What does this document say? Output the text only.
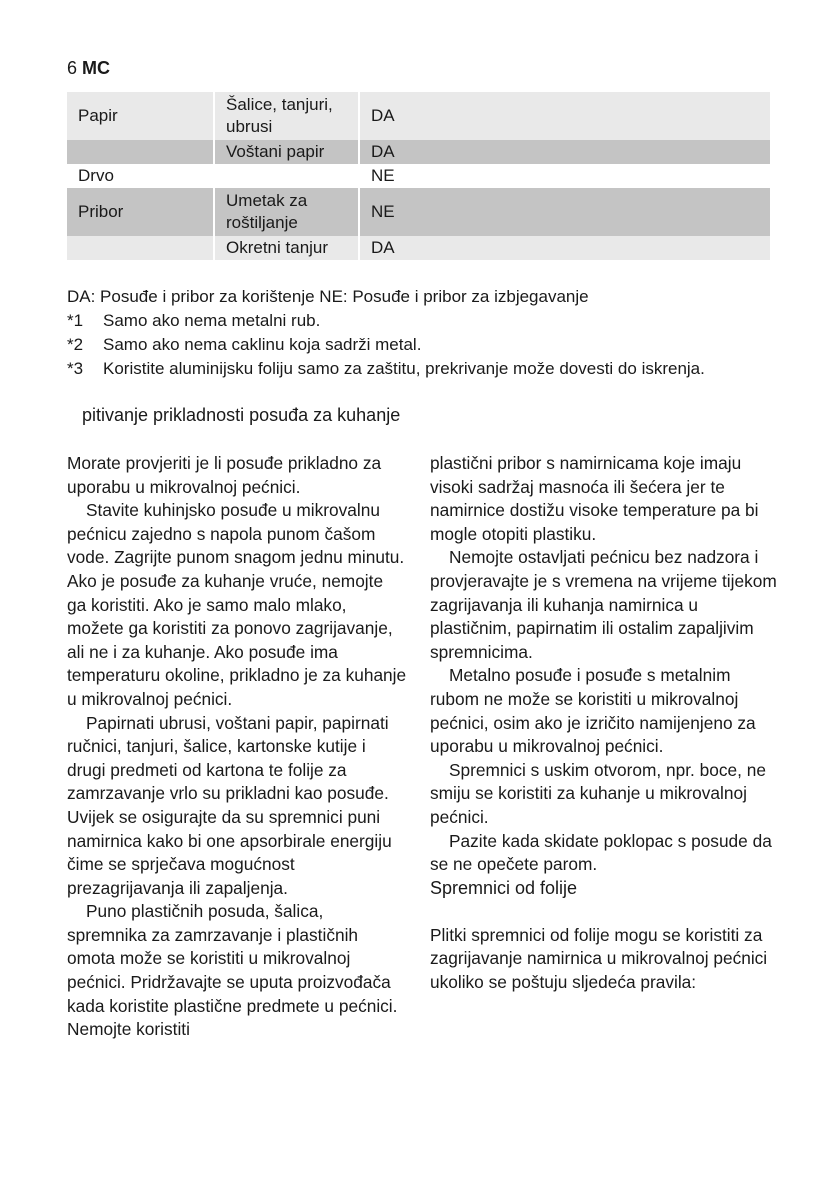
6 MC
Papir	Šalice, tanjuri, ubrusi	DA
	Voštani papir	DA
Drvo		NE
Pribor	Umetak za roštiljanje	NE
	Okretni tanjur	DA
DA: Posuđe i pribor za korištenje NE: Posuđe i pribor za izbjegavanje
*1	Samo ako nema metalni rub.
*2	Samo ako nema caklinu koja sadrži metal.
*3	Koristite aluminijsku foliju samo za zaštitu, prekrivanje može dovesti do iskrenja.
pitivanje prikladnosti posuđa za kuhanje

Morate provjeriti je li posuđe prikladno za uporabu u mikrovalnoj pećnici.

Stavite kuhinjsko posuđe u mikrovalnu pećnicu zajedno s napola punom čašom vode. Zagrijte punom snagom jednu minutu. Ako je posuđe za kuhanje vruće, nemojte ga koristiti. Ako je samo malo mlako, možete ga koristiti za ponovo zagrijavanje, ali ne i za kuhanje. Ako posuđe ima temperaturu okoline, prikladno je za kuhanje u mikrovalnoj pećnici.

Papirnati ubrusi, voštani papir, papirnati ručnici, tanjuri, šalice, kartonske kutije i drugi predmeti od kartona te folije za zamrzavanje vrlo su prikladni kao posuđe. Uvijek se osigurajte da su spremnici puni namirnica kako bi one apsorbirale energiju čime se sprječava mogućnost prezagrijavanja ili zapaljenja.

Puno plastičnih posuda, šalica, spremnika za zamrzavanje i plastičnih omota može se koristiti u mikrovalnoj pećnici. Pridržavajte se uputa proizvođača kada koristite plastične predmete u pećnici. Nemojte koristiti

plastični pribor s namirnicama koje imaju visoki sadržaj masnoća ili šećera jer te namirnice dostižu visoke temperature pa bi mogle otopiti plastiku.

Nemojte ostavljati pećnicu bez nadzora i provjeravajte je s vremena na vrijeme tijekom zagrijavanja ili kuhanja namirnica u plastičnim, papirnatim ili ostalim zapaljivim spremnicima.

Metalno posuđe i posuđe s metalnim rubom ne može se koristiti u mikrovalnoj pećnici, osim ako je izričito namijenjeno za uporabu u mikrovalnoj pećnici.

Spremnici s uskim otvorom, npr. boce, ne smiju se koristiti za kuhanje u mikrovalnoj pećnici.

Pazite kada skidate poklopac s posude da se ne opečete parom.

Spremnici od folije

Plitki spremnici od folije mogu se koristiti za zagrijavanje namirnica u mikrovalnoj pećnici ukoliko se poštuju sljedeća pravila:
